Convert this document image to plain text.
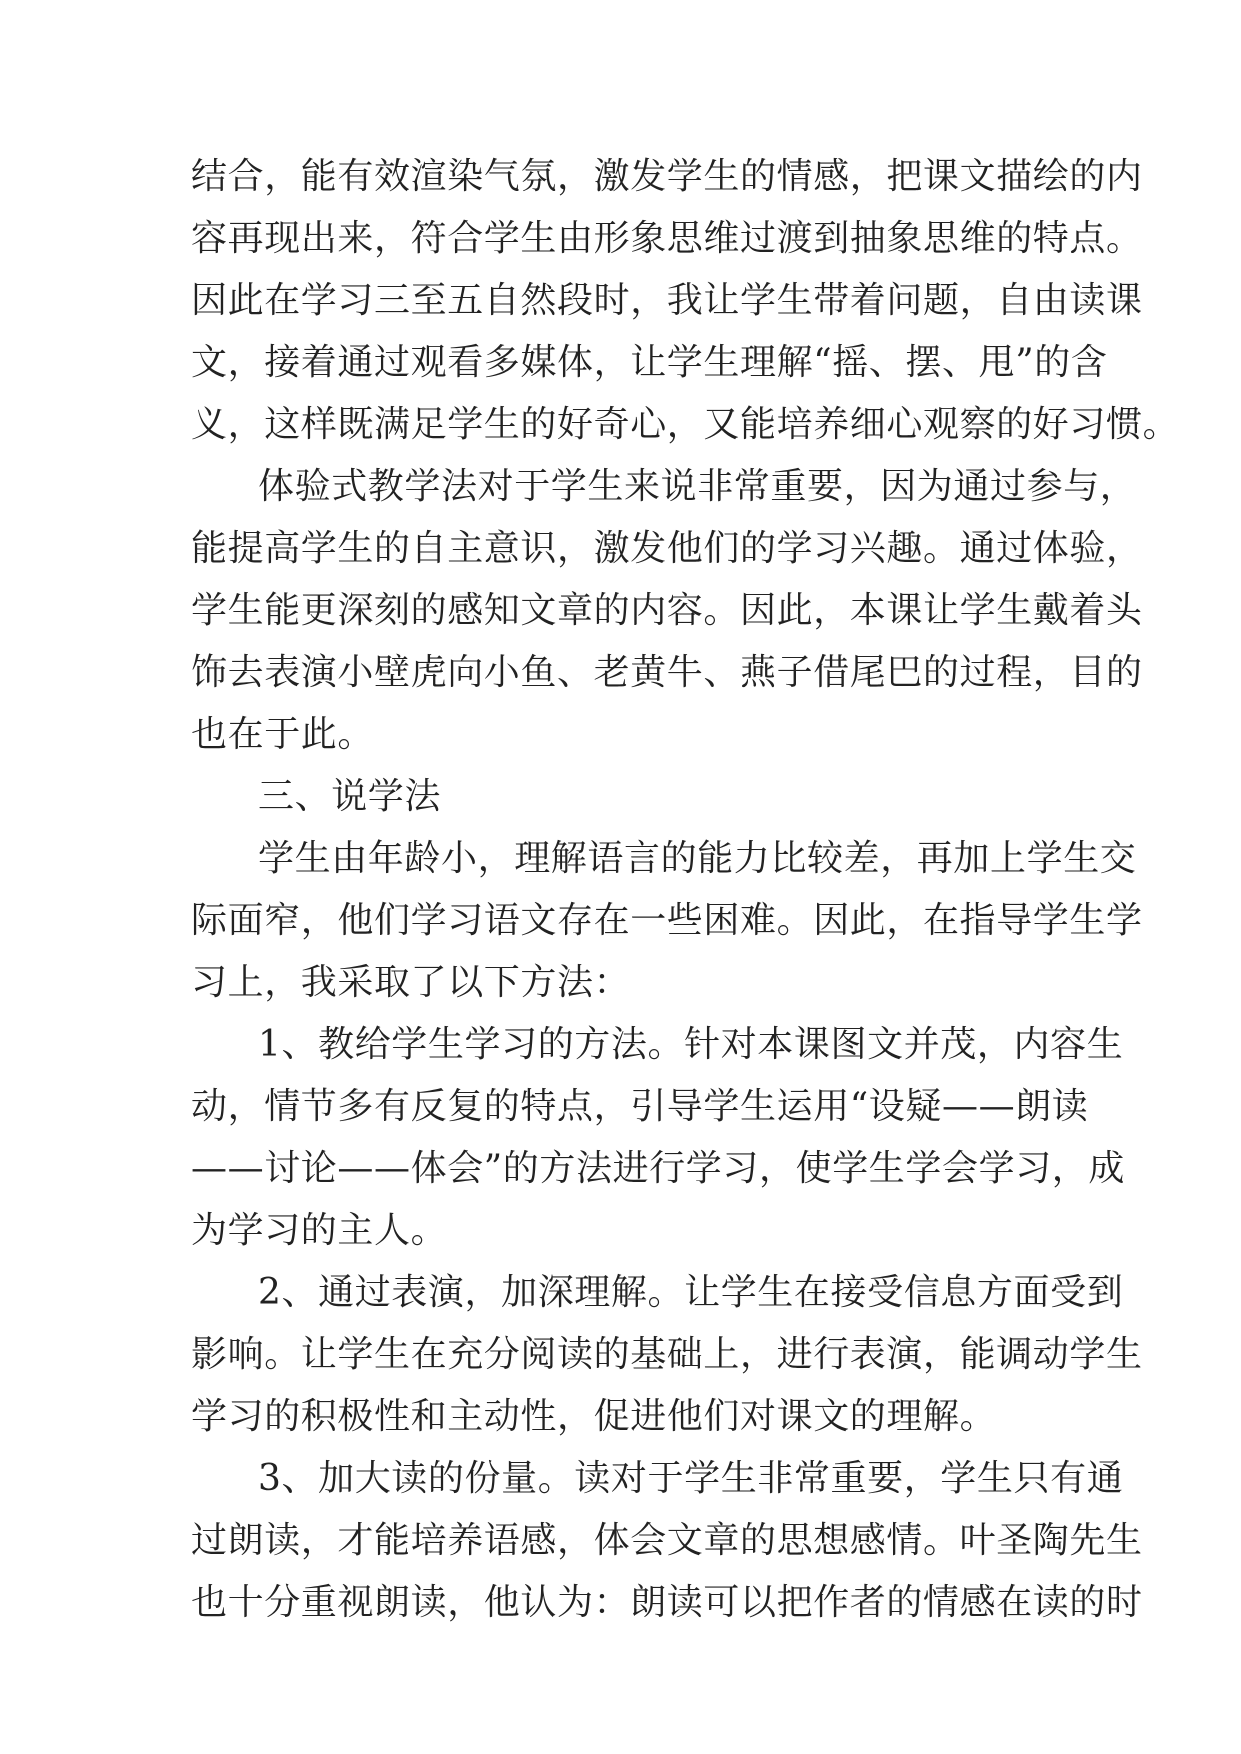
结合，能有效渲染气氛，激发学生的情感，把课文描绘的内
容再现出来，符合学生由形象思维过渡到抽象思维的特点。
因此在学习三至五自然段时，我让学生带着问题，自由读课
文，接着通过观看多媒体，让学生理解“摇、摆、甩”的含
义，这样既满足学生的好奇心，又能培养细心观察的好习惯。
体验式教学法对于学生来说非常重要，因为通过参与，
能提高学生的自主意识，激发他们的学习兴趣。通过体验，
学生能更深刻的感知文章的内容。因此，本课让学生戴着头
饰去表演小壁虎向小鱼、老黄牛、燕子借尾巴的过程，目的
也在于此。
三、说学法
学生由年龄小，理解语言的能力比较差，再加上学生交
际面窄，他们学习语文存在一些困难。因此，在指导学生学
习上，我采取了以下方法：
1、教给学生学习的方法。针对本课图文并茂，内容生
动，情节多有反复的特点，引导学生运用“设疑——朗读
——讨论——体会”的方法进行学习，使学生学会学习，成
为学习的主人。
2、通过表演，加深理解。让学生在接受信息方面受到
影响。让学生在充分阅读的基础上，进行表演，能调动学生
学习的积极性和主动性，促进他们对课文的理解。
3、加大读的份量。读对于学生非常重要，学生只有通
过朗读，才能培养语感，体会文章的思想感情。叶圣陶先生
也十分重视朗读，他认为：朗读可以把作者的情感在读的时
